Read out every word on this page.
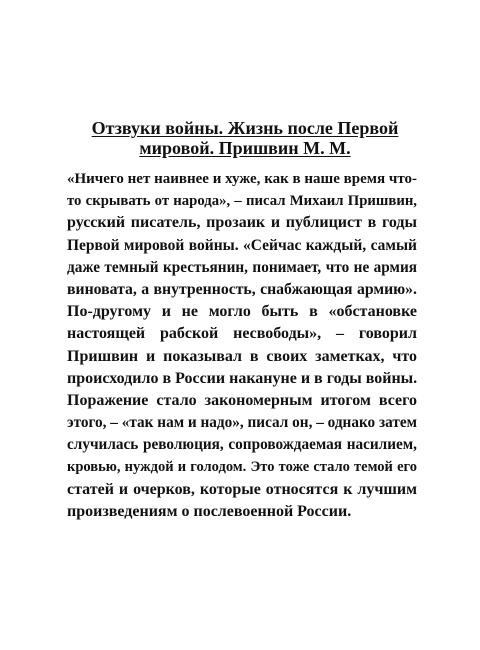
Отзвуки войны. Жизнь после Первой
мировой. Пришвин М. М.
«Ничего нет наивнее и хуже, как в наше время что-
то скрывать от народа», – писал Михаил Пришвин,
русский писатель, прозаик и публицист в годы
Первой мировой войны. «Сейчас каждый, самый
даже темный крестьянин, понимает, что не армия
виновата, а внутренность, снабжающая армию».
По-другому и не могло быть в «обстановке
настоящей рабской несвободы», – говорил
Пришвин и показывал в своих заметках, что
происходило в России накануне и в годы войны.
Поражение стало закономерным итогом всего
этого, – «так нам и надо», писал он, – однако затем
случилась революция, сопровождаемая насилием,
кровью, нуждой и голодом. Это тоже стало темой его
статей и очерков, которые относятся к лучшим
произведениям о послевоенной России.
